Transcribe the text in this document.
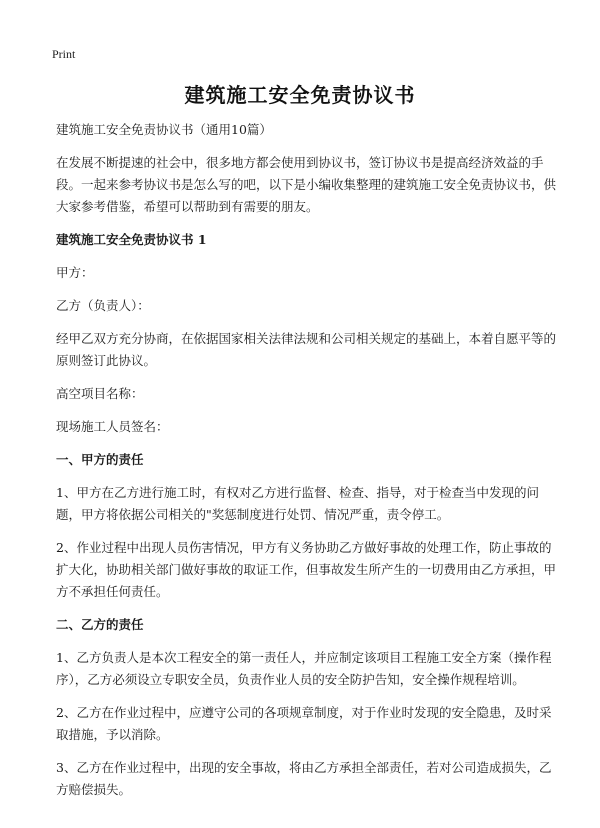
Print
建筑施工安全免责协议书

建筑施工安全免责协议书（通用10篇）

在发展不断提速的社会中，很多地方都会使用到协议书，签订协议书是提高经济效益的手段。一起来参考协议书是怎么写的吧，以下是小编收集整理的建筑施工安全免责协议书，供大家参考借鉴，希望可以帮助到有需要的朋友。

建筑施工安全免责协议书 1

甲方：

乙方（负责人）：

经甲乙双方充分协商，在依据国家相关法律法规和公司相关规定的基础上，本着自愿平等的原则签订此协议。

高空项目名称：

现场施工人员签名：

一、甲方的责任

1、甲方在乙方进行施工时，有权对乙方进行监督、检查、指导，对于检查当中发现的问题，甲方将依据公司相关的"奖惩制度进行处罚、情况严重，责令停工。

2、作业过程中出现人员伤害情况，甲方有义务协助乙方做好事故的处理工作，防止事故的扩大化，协助相关部门做好事故的取证工作，但事故发生所产生的一切费用由乙方承担，甲方不承担任何责任。

二、乙方的责任

1、乙方负责人是本次工程安全的第一责任人，并应制定该项目工程施工安全方案（操作程序），乙方必须设立专职安全员，负责作业人员的安全防护告知，安全操作规程培训。

2、乙方在作业过程中，应遵守公司的各项规章制度，对于作业时发现的安全隐患，及时采取措施，予以消除。

3、乙方在作业过程中，出现的安全事故，将由乙方承担全部责任，若对公司造成损失，乙方赔偿损失。
